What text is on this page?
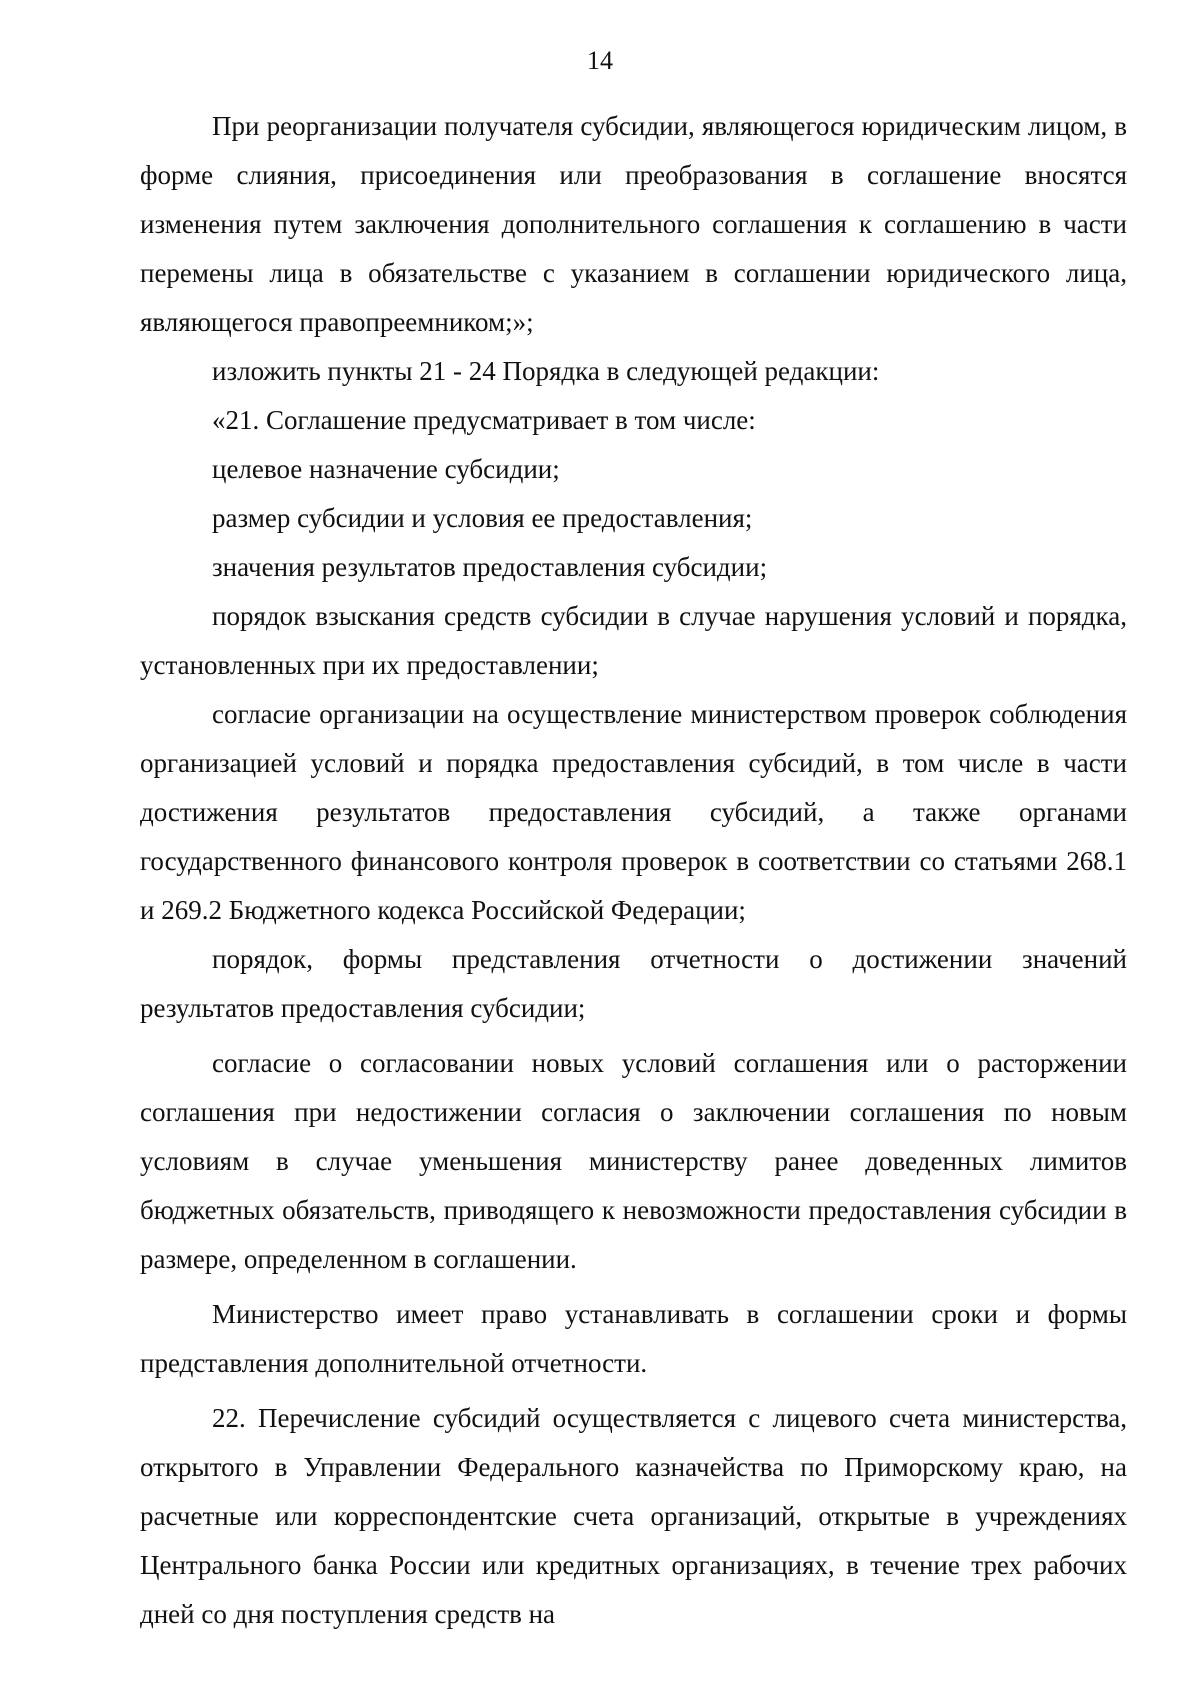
14

При реорганизации получателя субсидии, являющегося юридическим лицом, в форме слияния, присоединения или преобразования в соглашение вносятся изменения путем заключения дополнительного соглашения к соглашению в части перемены лица в обязательстве с указанием в соглашении юридического лица, являющегося правопреемником;»;

изложить пункты 21 - 24 Порядка в следующей редакции:

«21. Соглашение предусматривает в том числе:

целевое назначение субсидии;

размер субсидии и условия ее предоставления;

значения результатов предоставления субсидии;

порядок взыскания средств субсидии в случае нарушения условий и порядка, установленных при их предоставлении;

согласие организации на осуществление министерством проверок соблюдения организацией условий и порядка предоставления субсидий, в том числе в части достижения результатов предоставления субсидий, а также органами государственного финансового контроля проверок в соответствии со статьями 268.1 и 269.2 Бюджетного кодекса Российской Федерации;

порядок, формы представления отчетности о достижении значений результатов предоставления субсидии;

согласие о согласовании новых условий соглашения или о расторжении соглашения при недостижении согласия о заключении соглашения по новым условиям в случае уменьшения министерству ранее доведенных лимитов бюджетных обязательств, приводящего к невозможности предоставления субсидии в размере, определенном в соглашении.

Министерство имеет право устанавливать в соглашении сроки и формы представления дополнительной отчетности.

22. Перечисление субсидий осуществляется с лицевого счета министерства, открытого в Управлении Федерального казначейства по Приморскому краю, на расчетные или корреспондентские счета организаций, открытые в учреждениях Центрального банка России или кредитных организациях, в течение трех рабочих дней со дня поступления средств на
